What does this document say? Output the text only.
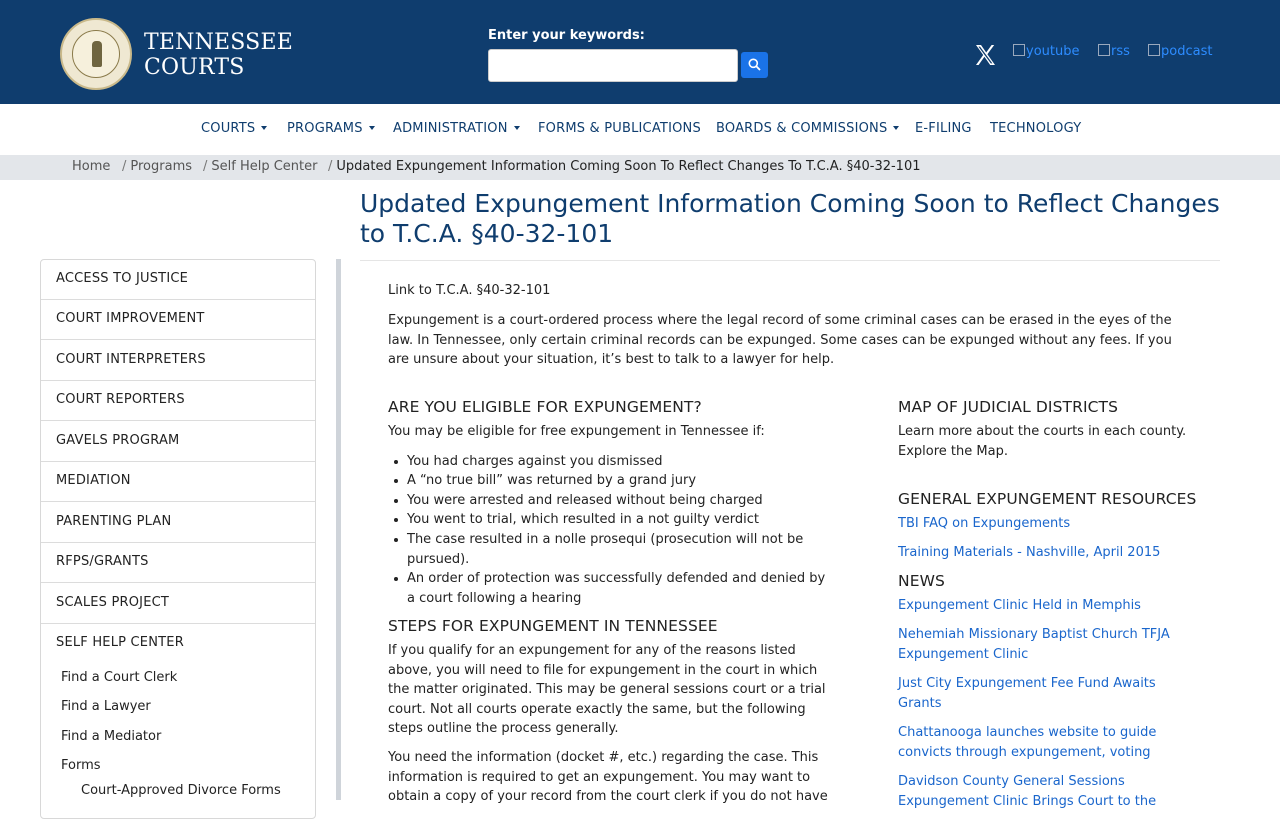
TENNESSEE
COURTS
Enter your keywords:
youtube	rss	podcast
COURTS	PROGRAMS	ADMINISTRATION	FORMS & PUBLICATIONS BOARDS & COMMISSIONS	E-FILING TECHNOLOGY
Home / Programs / Self Help Center / Updated Expungement Information Coming Soon To Reflect Changes To T.C.A. §40-32-101
Updated Expungement Information Coming Soon to Reflect Changes to T.C.A. §40-32-101
ACCESS TO JUSTICE
COURT IMPROVEMENT
COURT INTERPRETERS
COURT REPORTERS
GAVELS PROGRAM
MEDIATION
PARENTING PLAN
RFPS/GRANTS
SCALES PROJECT
SELF HELP CENTER
Find a Court Clerk
Find a Lawyer
Find a Mediator
Forms
Court-Approved Divorce Forms
Link to T.C.A. §40-32-101
Expungement is a court-ordered process where the legal record of some criminal cases can be erased in the eyes of the law. In Tennessee, only certain criminal records can be expunged. Some cases can be expunged without any fees. If you are unsure about your situation, it’s best to talk to a lawyer for help.
ARE YOU ELIGIBLE FOR EXPUNGEMENT?
You may be eligible for free expungement in Tennessee if:
You had charges against you dismissed
A “no true bill” was returned by a grand jury
You were arrested and released without being charged
You went to trial, which resulted in a not guilty verdict
The case resulted in a nolle prosequi (prosecution will not be pursued).
An order of protection was successfully defended and denied by a court following a hearing
STEPS FOR EXPUNGEMENT IN TENNESSEE
If you qualify for an expungement for any of the reasons listed above, you will need to file for expungement in the court in which the matter originated. This may be general sessions court or a trial court. Not all courts operate exactly the same, but the following steps outline the process generally.
You need the information (docket #, etc.) regarding the case. This information is required to get an expungement. You may want to obtain a copy of your record from the court clerk if you do not have
MAP OF JUDICIAL DISTRICTS
Learn more about the courts in each county.
Explore the Map.
GENERAL EXPUNGEMENT RESOURCES
TBI FAQ on Expungements
Training Materials - Nashville, April 2015
NEWS
Expungement Clinic Held in Memphis
Nehemiah Missionary Baptist Church TFJA Expungement Clinic
Just City Expungement Fee Fund Awaits Grants
Chattanooga launches website to guide convicts through expungement, voting
Davidson County General Sessions Expungement Clinic Brings Court to the
